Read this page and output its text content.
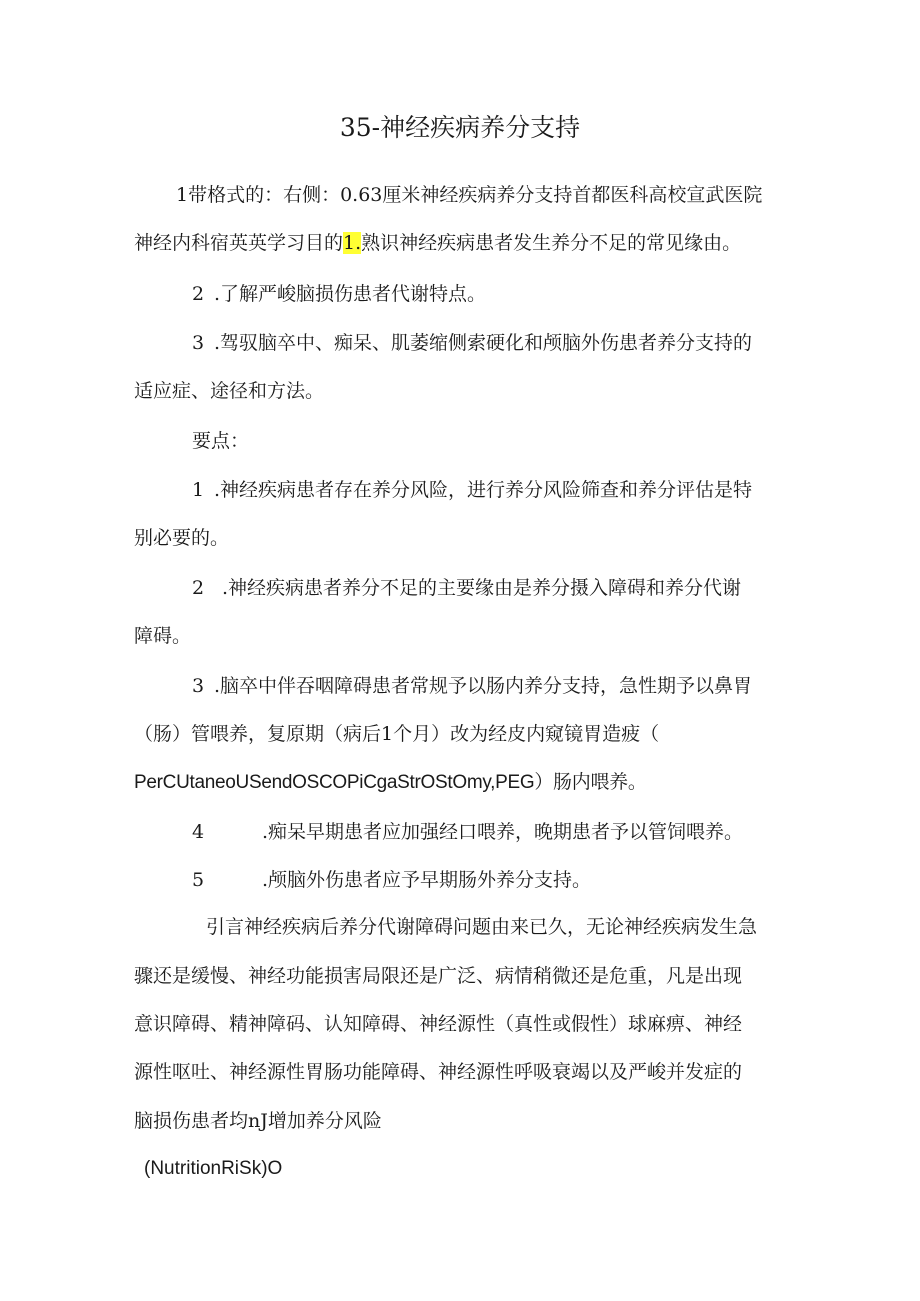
35-神经疾病养分支持
1带格式的：右侧：0.63厘米神经疾病养分支持首都医科高校宣武医院
神经内科宿英英学习目的1.熟识神经疾病患者发生养分不足的常见缘由。
2 .了解严峻脑损伤患者代谢特点。
3 .驾驭脑卒中、痴呆、肌萎缩侧索硬化和颅脑外伤患者养分支持的
适应症、途径和方法。
要点：
1 .神经疾病患者存在养分风险，进行养分风险筛查和养分评估是特
别必要的。
2 .神经疾病患者养分不足的主要缘由是养分摄入障碍和养分代谢
障碍。
3 .脑卒中伴吞咽障碍患者常规予以肠内养分支持，急性期予以鼻胃
（肠）管喂养，复原期（病后1个月）改为经皮内窥镜胃造疲（
PerCUtaneoUSendOSCOPiCgaStrOStOmy,PEG）肠内喂养。
4	.痴呆早期患者应加强经口喂养，晚期患者予以管饲喂养。
5	.颅脑外伤患者应予早期肠外养分支持。
引言神经疾病后养分代谢障碍问题由来已久，无论神经疾病发生急
骤还是缓慢、神经功能损害局限还是广泛、病情稍微还是危重，凡是出现
意识障碍、精神障码、认知障碍、神经源性（真性或假性）球麻痹、神经
源性呕吐、神经源性胃肠功能障碍、神经源性呼吸衰竭以及严峻并发症的
脑损伤患者均nJ增加养分风险
(NutritionRiSk)O
